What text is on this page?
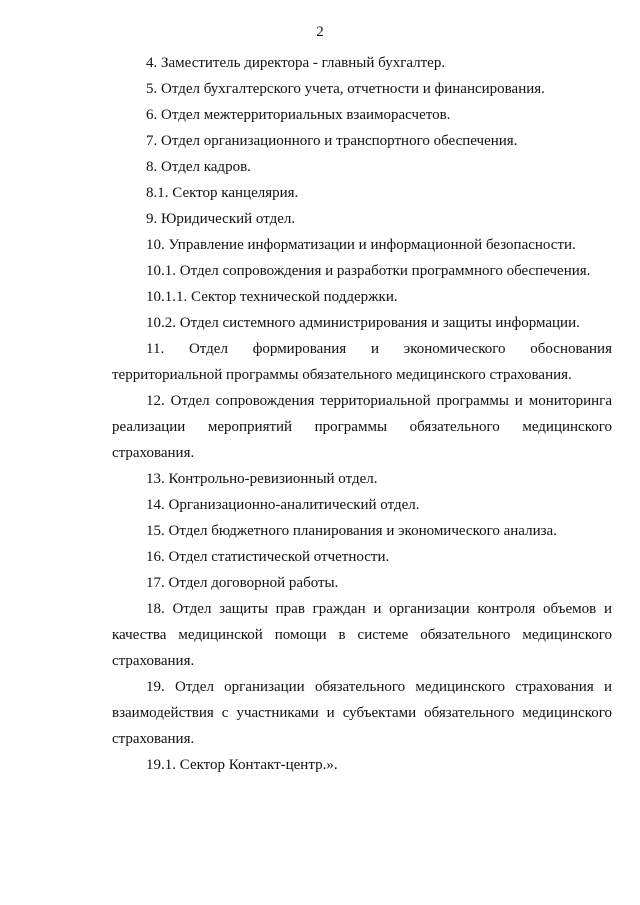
2

4. Заместитель директора - главный бухгалтер.

5. Отдел бухгалтерского учета, отчетности и финансирования.

6. Отдел межтерриториальных взаиморасчетов.

7. Отдел организационного и транспортного обеспечения.

8. Отдел кадров.

8.1. Сектор канцелярия.

9. Юридический отдел.

10. Управление информатизации и информационной безопасности.

10.1. Отдел сопровождения и разработки программного обеспечения.

10.1.1. Сектор технической поддержки.

10.2. Отдел системного администрирования и защиты информации.

11. Отдел формирования и экономического обоснования территориальной программы обязательного медицинского страхования.

12. Отдел сопровождения территориальной программы и мониторинга реализации мероприятий программы обязательного медицинского страхования.

13. Контрольно-ревизионный отдел.

14. Организационно-аналитический отдел.

15. Отдел бюджетного планирования и экономического анализа.

16. Отдел статистической отчетности.

17. Отдел договорной работы.

18. Отдел защиты прав граждан и организации контроля объемов и качества медицинской помощи в системе обязательного медицинского страхования.

19. Отдел организации обязательного медицинского страхования и взаимодействия с участниками и субъектами обязательного медицинского страхования.

19.1. Сектор Контакт-центр.».
